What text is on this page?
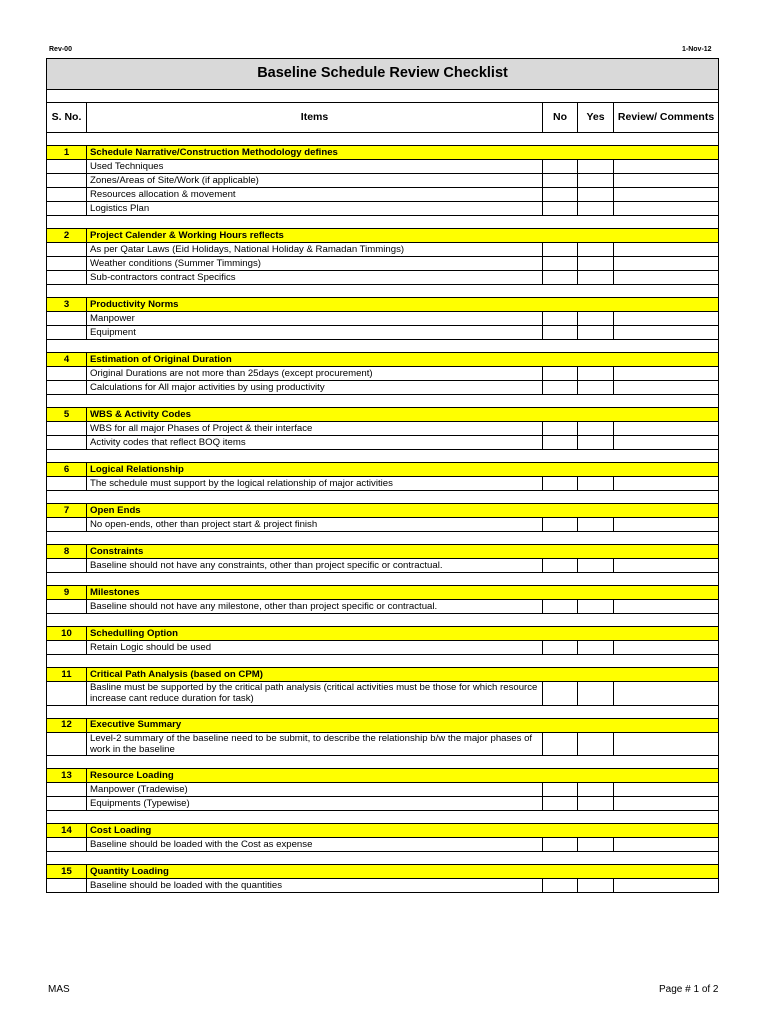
Rev-00	1-Nov-12
Baseline Schedule Review Checklist				

S. No.	Items	No	Yes	Review/ Comments

1	Schedule Narrative/Construction Methodology defines			
	Used Techniques			
	Zones/Areas of Site/Work (if applicable)			
	Resources allocation & movement			
	Logistics Plan			

2	Project Calender & Working Hours reflects			
	As per Qatar Laws (Eid Holidays, National Holiday & Ramadan Timmings)			
	Weather conditions (Summer Timmings)			
	Sub-contractors contract Specifics			

3	Productivity Norms			
	Manpower			
	Equipment			

4	Estimation of Original Duration			
	Original Durations are not more than 25days (except procurement)			
	Calculations for All major activities by using productivity			

5	WBS & Activity Codes			
	WBS for all major Phases of Project & their interface			
	Activity codes that reflect BOQ items			

6	Logical Relationship			
	The schedule must support by the logical relationship of major activities			

7	Open Ends			
	No open-ends, other than project start & project finish			

8	Constraints			
	Baseline should not have any constraints, other than project specific or contractual.			

9	Milestones			
	Baseline should not have any milestone, other than project specific or contractual.			

10	Schedulling Option			
	Retain Logic should be used			

11	Critical Path Analysis (based on CPM)			
	Basline must be supported by the critical path analysis (critical activities must be those for which resource increase cant reduce duration for task)			

12	Executive Summary			
	Level-2 summary of the baseline need to be submit, to describe the relationship b/w the major phases of work in the baseline			

13	Resource Loading			
	Manpower (Tradewise)			
	Equipments (Typewise)			

14	Cost Loading			
	Baseline should be loaded with the Cost as expense			

15	Quantity Loading			
	Baseline should be loaded with the quantities			
MAS	Page # 1 of 2
